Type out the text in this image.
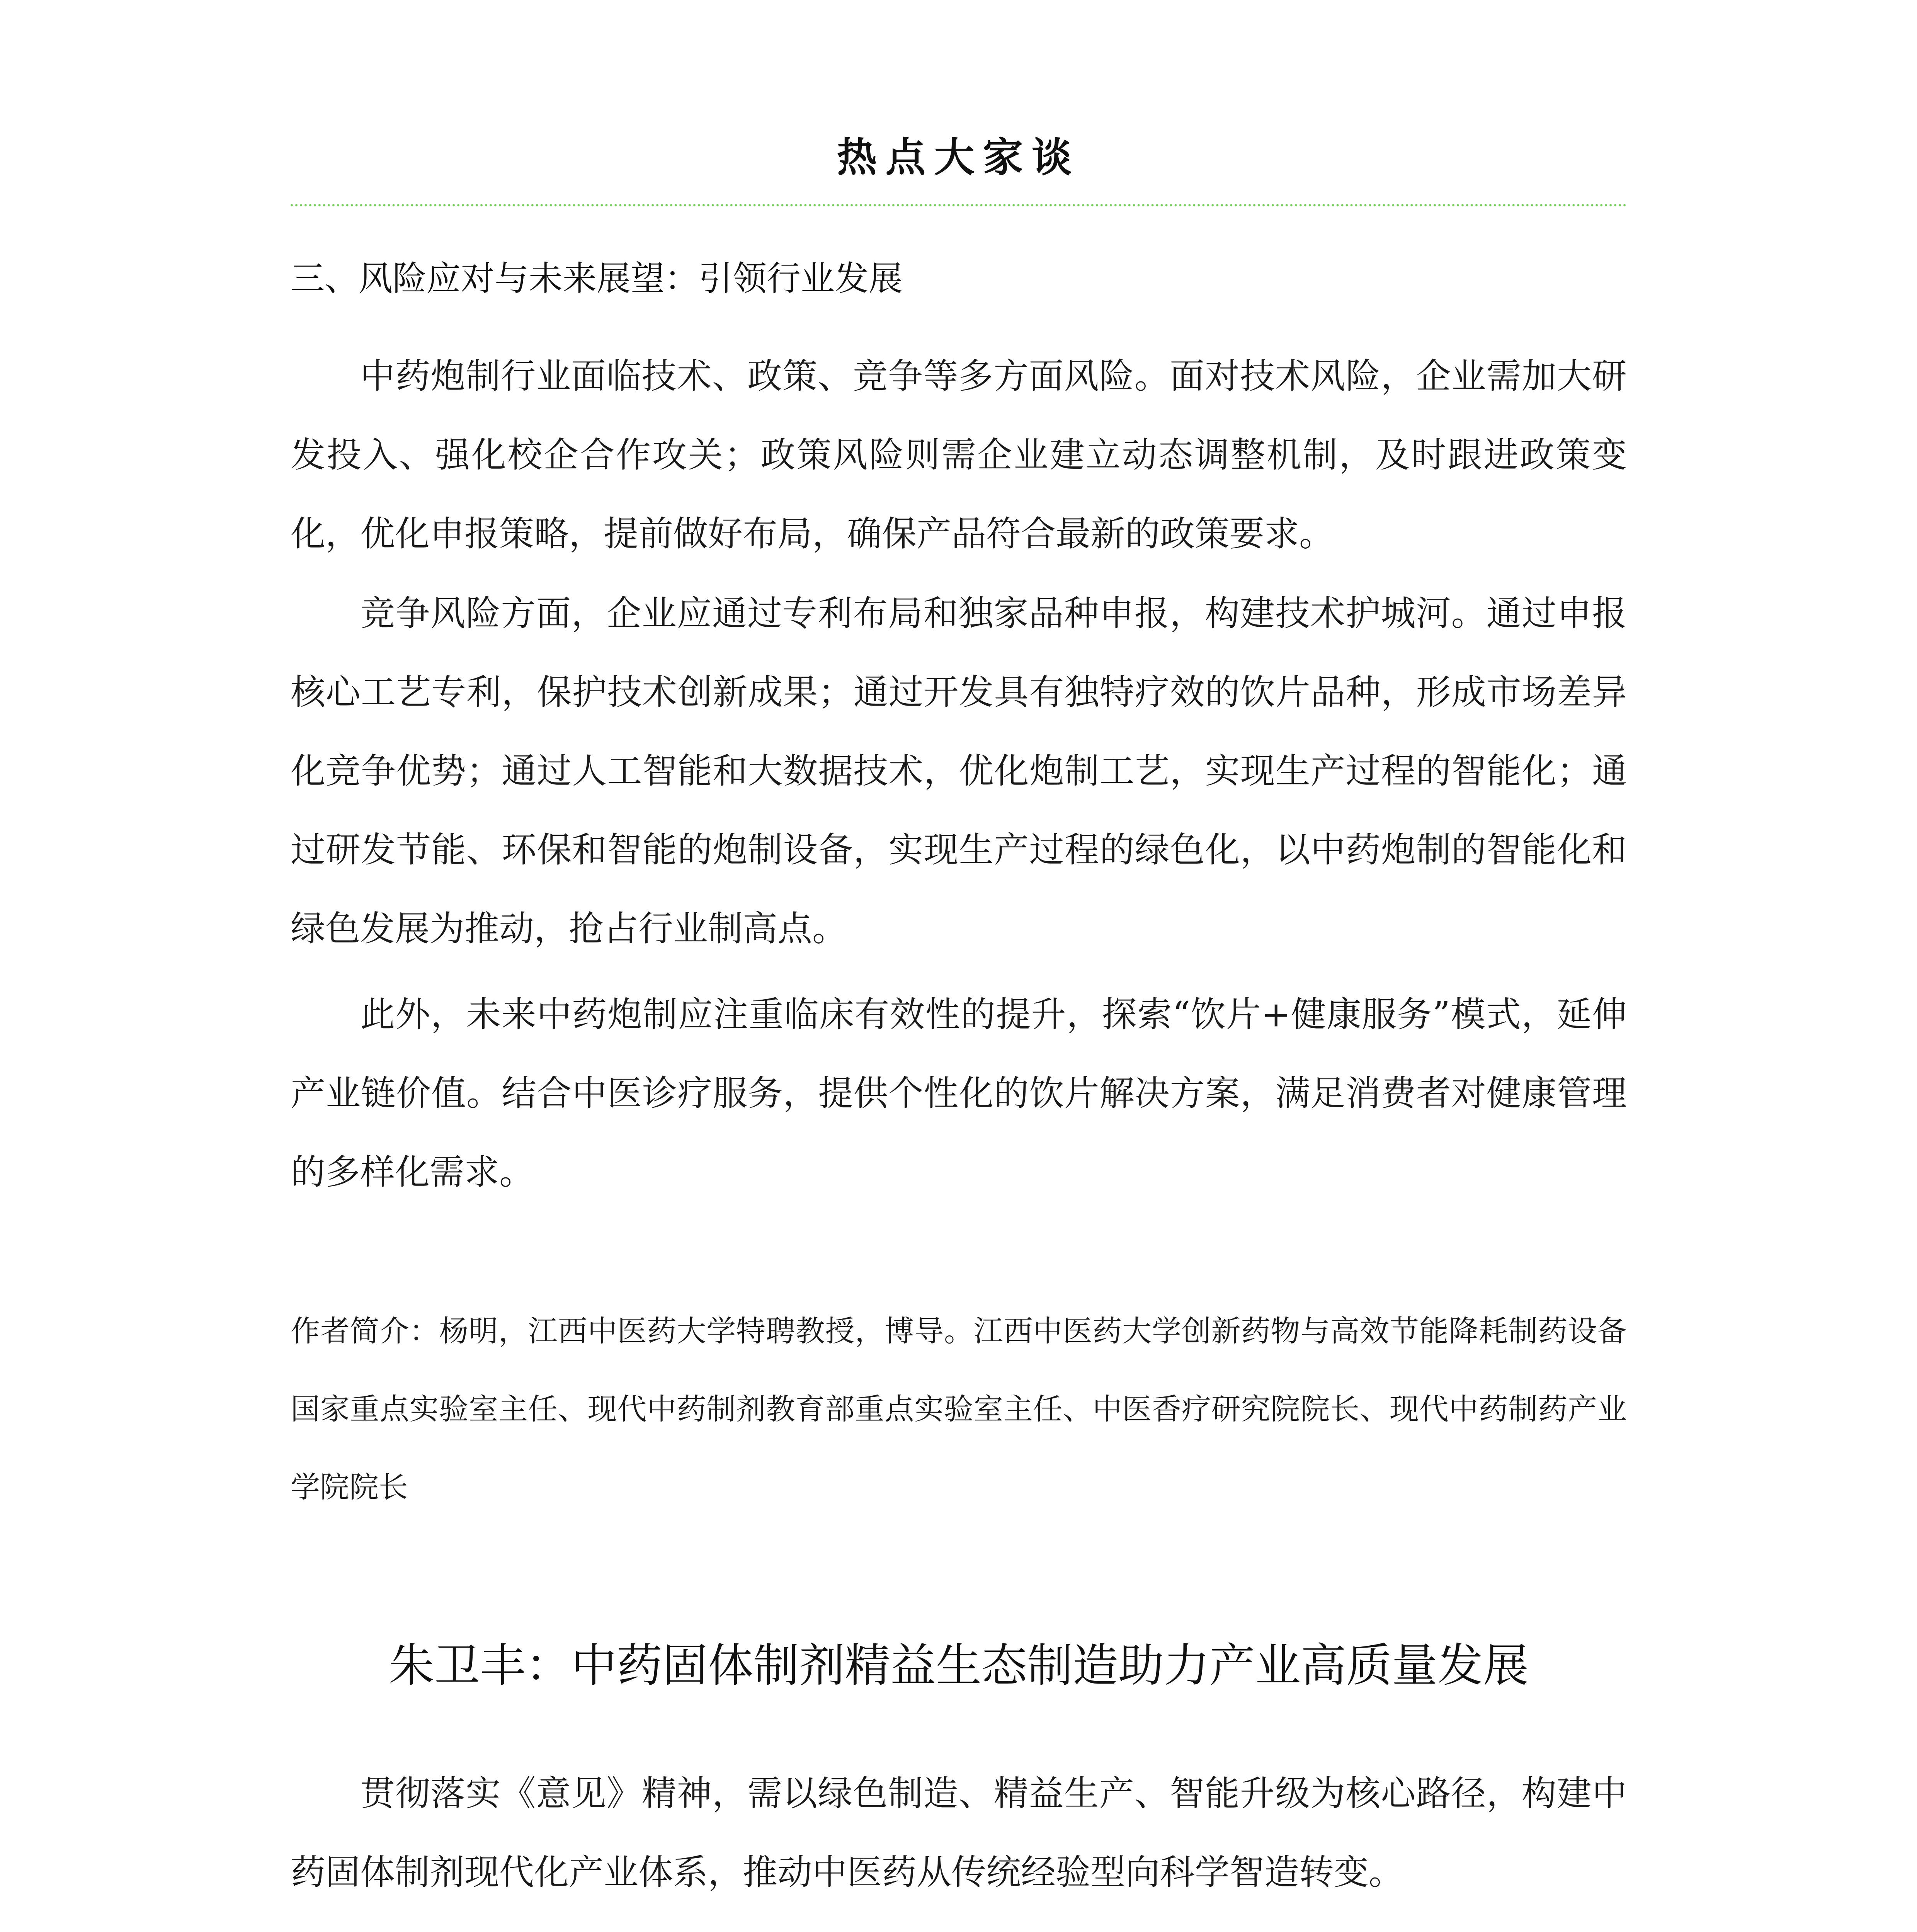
热点大家谈
三、风险应对与未来展望：引领行业发展

中药炮制行业面临技术、政策、竞争等多方面风险。面对技术风险，企业需加大研发投入、强化校企合作攻关；政策风险则需企业建立动态调整机制，及时跟进政策变化，优化申报策略，提前做好布局，确保产品符合最新的政策要求。

竞争风险方面，企业应通过专利布局和独家品种申报，构建技术护城河。通过申报核心工艺专利，保护技术创新成果；通过开发具有独特疗效的饮片品种，形成市场差异化竞争优势；通过人工智能和大数据技术，优化炮制工艺，实现生产过程的智能化；通过研发节能、环保和智能的炮制设备，实现生产过程的绿色化，以中药炮制的智能化和绿色发展为推动，抢占行业制高点。

此外，未来中药炮制应注重临床有效性的提升，探索“饮片+健康服务”模式，延伸产业链价值。结合中医诊疗服务，提供个性化的饮片解决方案，满足消费者对健康管理的多样化需求。

作者简介：杨明，江西中医药大学特聘教授，博导。江西中医药大学创新药物与高效节能降耗制药设备国家重点实验室主任、现代中药制剂教育部重点实验室主任、中医香疗研究院院长、现代中药制药产业学院院长

朱卫丰：中药固体制剂精益生态制造助力产业高质量发展

贯彻落实《意见》精神，需以绿色制造、精益生产、智能升级为核心路径，构建中药固体制剂现代化产业体系，推动中医药从传统经验型向科学智造转变。
